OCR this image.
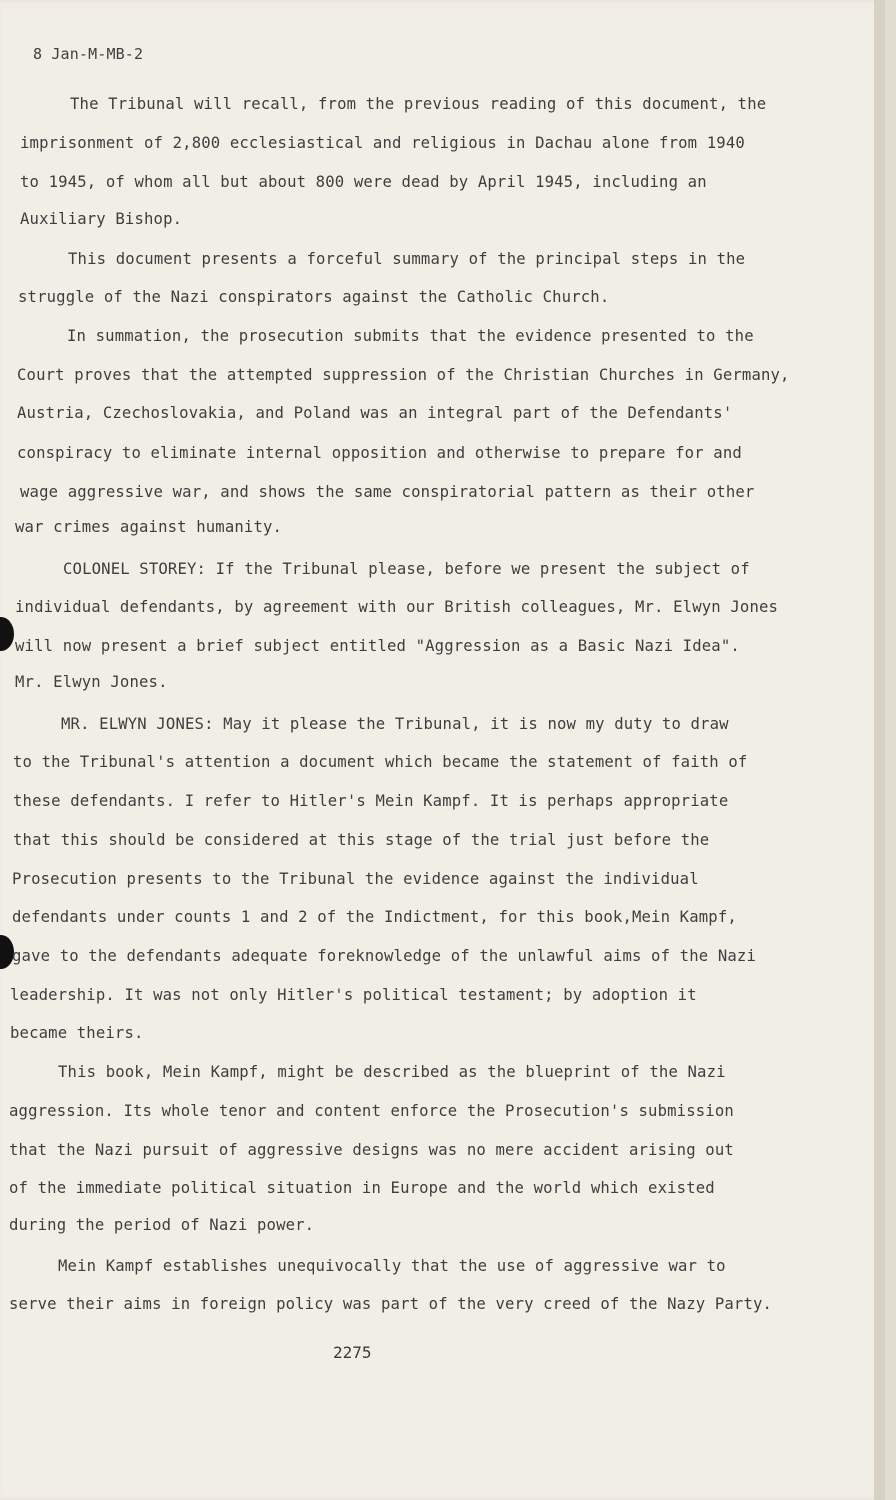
8 Jan-M-MB-2
The Tribunal will recall, from the previous reading of this document, the
imprisonment of 2,800 ecclesiastical and religious in Dachau alone from 1940
to 1945, of whom all but about 800 were dead by April 1945, including an
Auxiliary Bishop.
This document presents a forceful summary of the principal steps in the
struggle of the Nazi conspirators against the Catholic Church.
In summation, the prosecution submits that the evidence presented to the
Court proves that the attempted suppression of the Christian Churches in Germany,
Austria, Czechoslovakia, and Poland was an integral part of the Defendants'
conspiracy to eliminate internal opposition and otherwise to prepare for and
wage aggressive war, and shows the same conspiratorial pattern as their other
war crimes against humanity.
COLONEL STOREY: If the Tribunal please, before we present the subject of
individual defendants, by agreement with our British colleagues, Mr. Elwyn Jones
will now present a brief subject entitled "Aggression as a Basic Nazi Idea".
Mr. Elwyn Jones.
MR. ELWYN JONES: May it please the Tribunal, it is now my duty to draw
to the Tribunal's attention a document which became the statement of faith of
these defendants. I refer to Hitler's Mein Kampf. It is perhaps appropriate
that this should be considered at this stage of the trial just before the
Prosecution presents to the Tribunal the evidence against the individual
defendants under counts 1 and 2 of the Indictment, for this book,Mein Kampf,
gave to the defendants adequate foreknowledge of the unlawful aims of the Nazi
leadership. It was not only Hitler's political testament; by adoption it
became theirs.
This book, Mein Kampf, might be described as the blueprint of the Nazi
aggression. Its whole tenor and content enforce the Prosecution's submission
that the Nazi pursuit of aggressive designs was no mere accident arising out
of the immediate political situation in Europe and the world which existed
during the period of Nazi power.
Mein Kampf establishes unequivocally that the use of aggressive war to
serve their aims in foreign policy was part of the very creed of the Nazy Party.
2275
